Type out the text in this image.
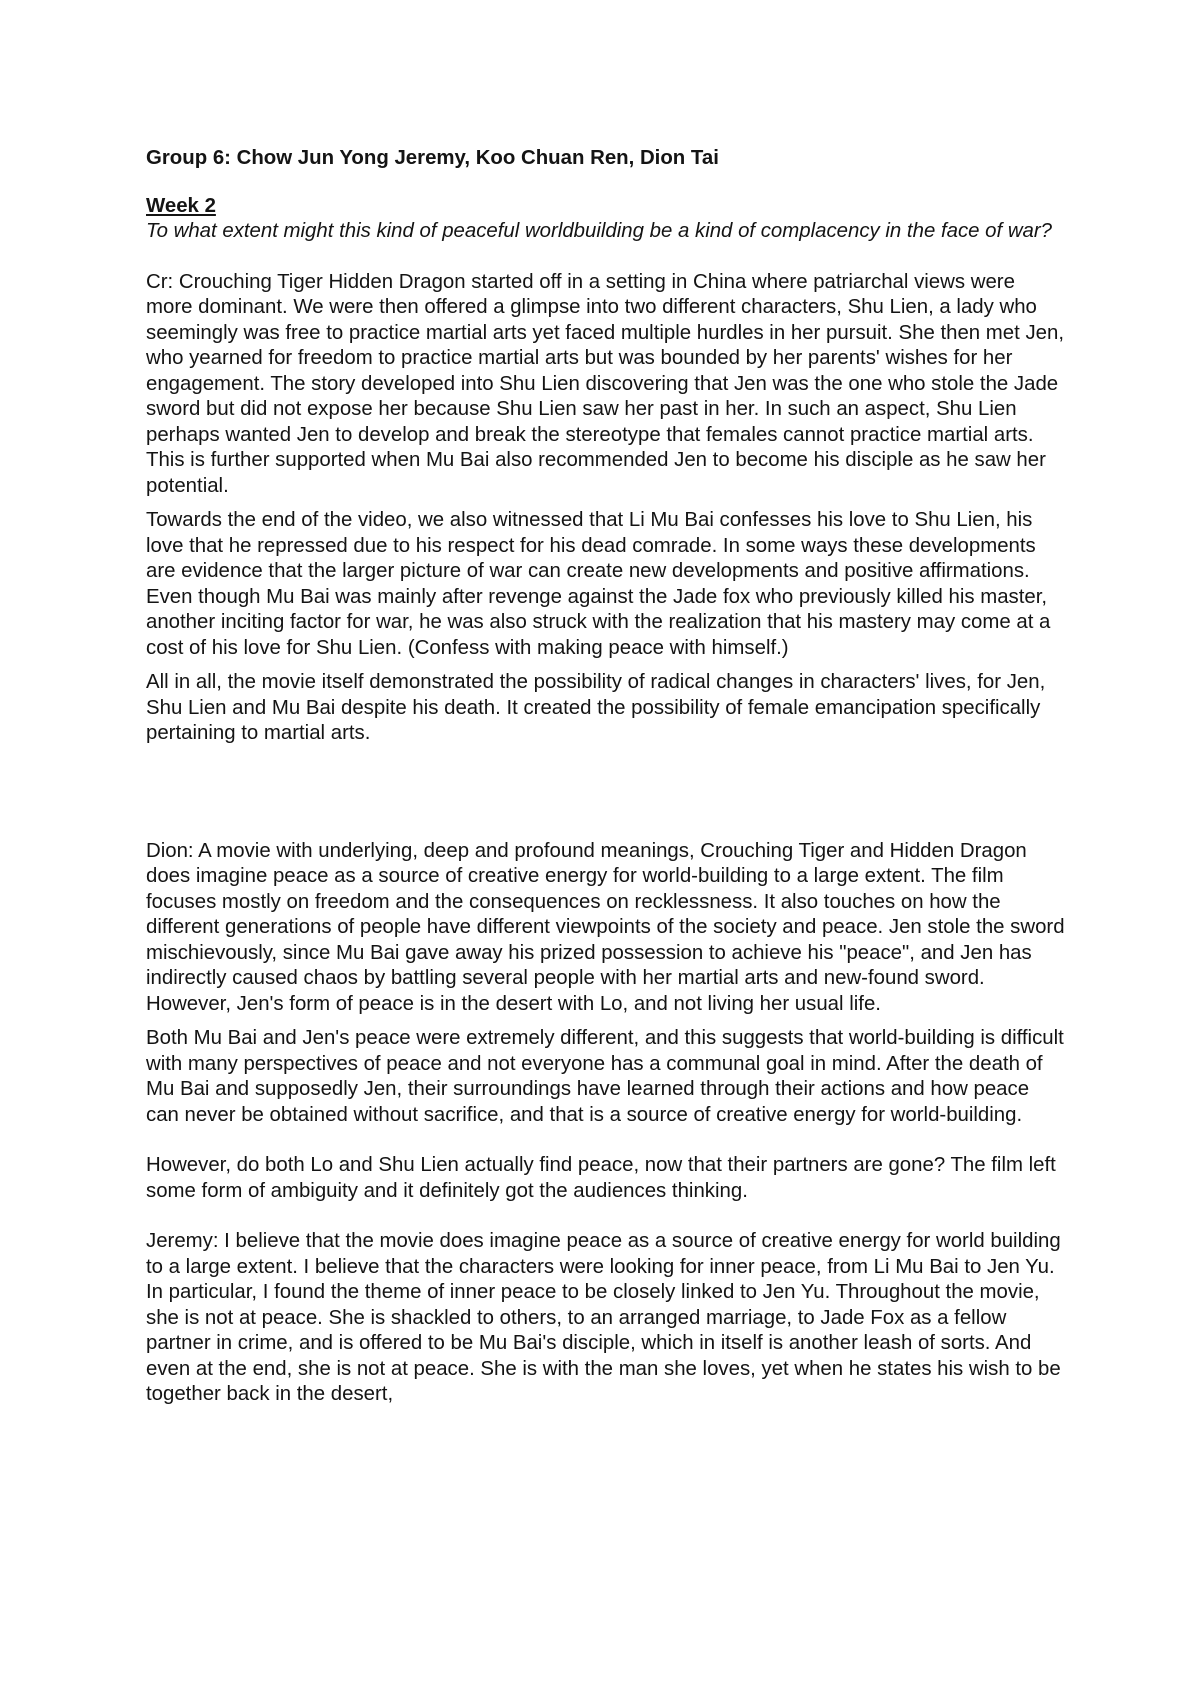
Group 6: Chow Jun Yong Jeremy, Koo Chuan Ren, Dion Tai
Week 2
To what extent might this kind of peaceful worldbuilding be a kind of complacency in the face of war?

Cr: Crouching Tiger Hidden Dragon started off in a setting in China where patriarchal views were more dominant. We were then offered a glimpse into two different characters, Shu Lien, a lady who seemingly was free to practice martial arts yet faced multiple hurdles in her pursuit. She then met Jen, who yearned for freedom to practice martial arts but was bounded by her parents' wishes for her engagement. The story developed into Shu Lien discovering that Jen was the one who stole the Jade sword but did not expose her because Shu Lien saw her past in her. In such an aspect, Shu Lien perhaps wanted Jen to develop and break the stereotype that females cannot practice martial arts. This is further supported when Mu Bai also recommended Jen to become his disciple as he saw her potential.

Towards the end of the video, we also witnessed that Li Mu Bai confesses his love to Shu Lien, his love that he repressed due to his respect for his dead comrade. In some ways these developments are evidence that the larger picture of war can create new developments and positive affirmations. Even though Mu Bai was mainly after revenge against the Jade fox who previously killed his master, another inciting factor for war, he was also struck with the realization that his mastery may come at a cost of his love for Shu Lien. (Confess with making peace with himself.)

All in all, the movie itself demonstrated the possibility of radical changes in characters' lives, for Jen, Shu Lien and Mu Bai despite his death. It created the possibility of female emancipation specifically pertaining to martial arts.

Dion: A movie with underlying, deep and profound meanings, Crouching Tiger and Hidden Dragon does imagine peace as a source of creative energy for world-building to a large extent. The film focuses mostly on freedom and the consequences on recklessness. It also touches on how the different generations of people have different viewpoints of the society and peace. Jen stole the sword mischievously, since Mu Bai gave away his prized possession to achieve his "peace", and Jen has indirectly caused chaos by battling several people with her martial arts and new-found sword. However, Jen's form of peace is in the desert with Lo, and not living her usual life.

Both Mu Bai and Jen's peace were extremely different, and this suggests that world-building is difficult with many perspectives of peace and not everyone has a communal goal in mind. After the death of Mu Bai and supposedly Jen, their surroundings have learned through their actions and how peace can never be obtained without sacrifice, and that is a source of creative energy for world-building.

However, do both Lo and Shu Lien actually find peace, now that their partners are gone? The film left some form of ambiguity and it definitely got the audiences thinking.

Jeremy: I believe that the movie does imagine peace as a source of creative energy for world building to a large extent. I believe that the characters were looking for inner peace, from Li Mu Bai to Jen Yu. In particular, I found the theme of inner peace to be closely linked to Jen Yu. Throughout the movie, she is not at peace. She is shackled to others, to an arranged marriage, to Jade Fox as a fellow partner in crime, and is offered to be Mu Bai's disciple, which in itself is another leash of sorts. And even at the end, she is not at peace. She is with the man she loves, yet when he states his wish to be together back in the desert,
